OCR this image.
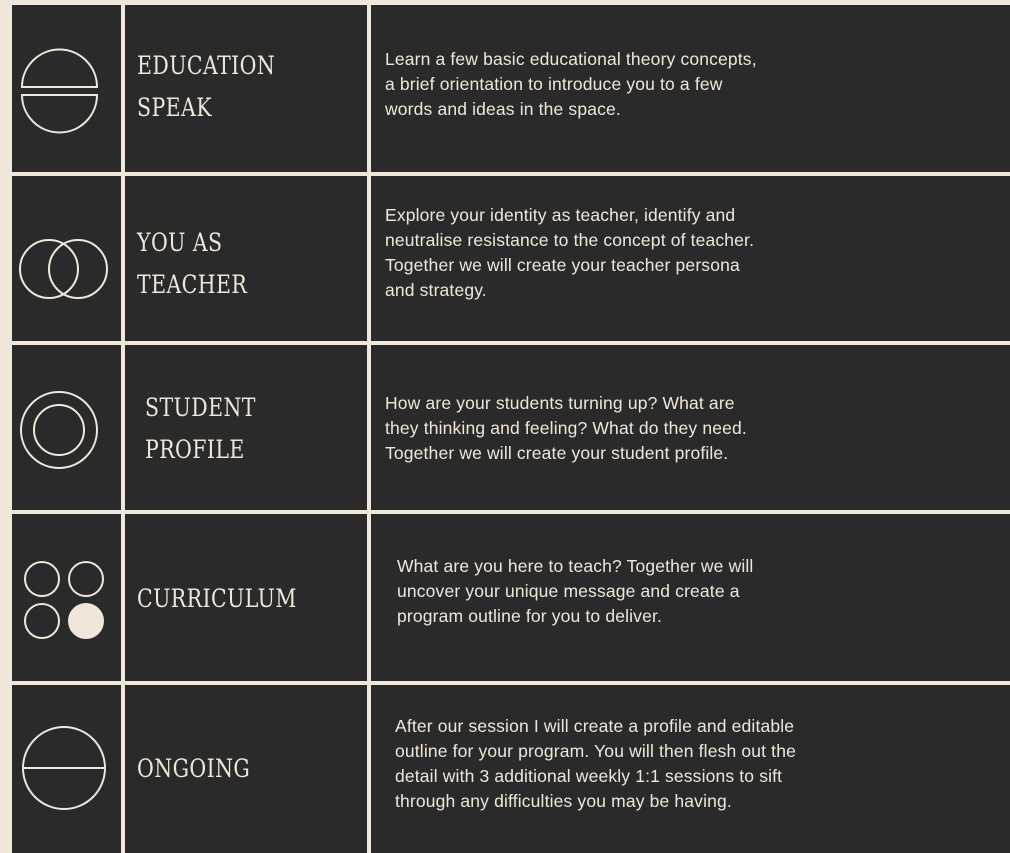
EDUCATION
SPEAK
Learn a few basic educational theory concepts,
a brief orientation to introduce you to a few
words and ideas in the space.
YOU AS
TEACHER
Explore your identity as teacher, identify and
neutralise resistance to the concept of teacher.
Together we will create your teacher persona
and strategy.
STUDENT
PROFILE
How are your students turning up? What are
they thinking and feeling? What do they need.
Together we will create your student profile.
CURRICULUM
What are you here to teach? Together we will
uncover your unique message and create a
program outline for you to deliver.
ONGOING
After our session I will create a profile and editable
outline for your program. You will then flesh out the
detail with 3 additional weekly 1:1 sessions to sift
through any difficulties you may be having.
